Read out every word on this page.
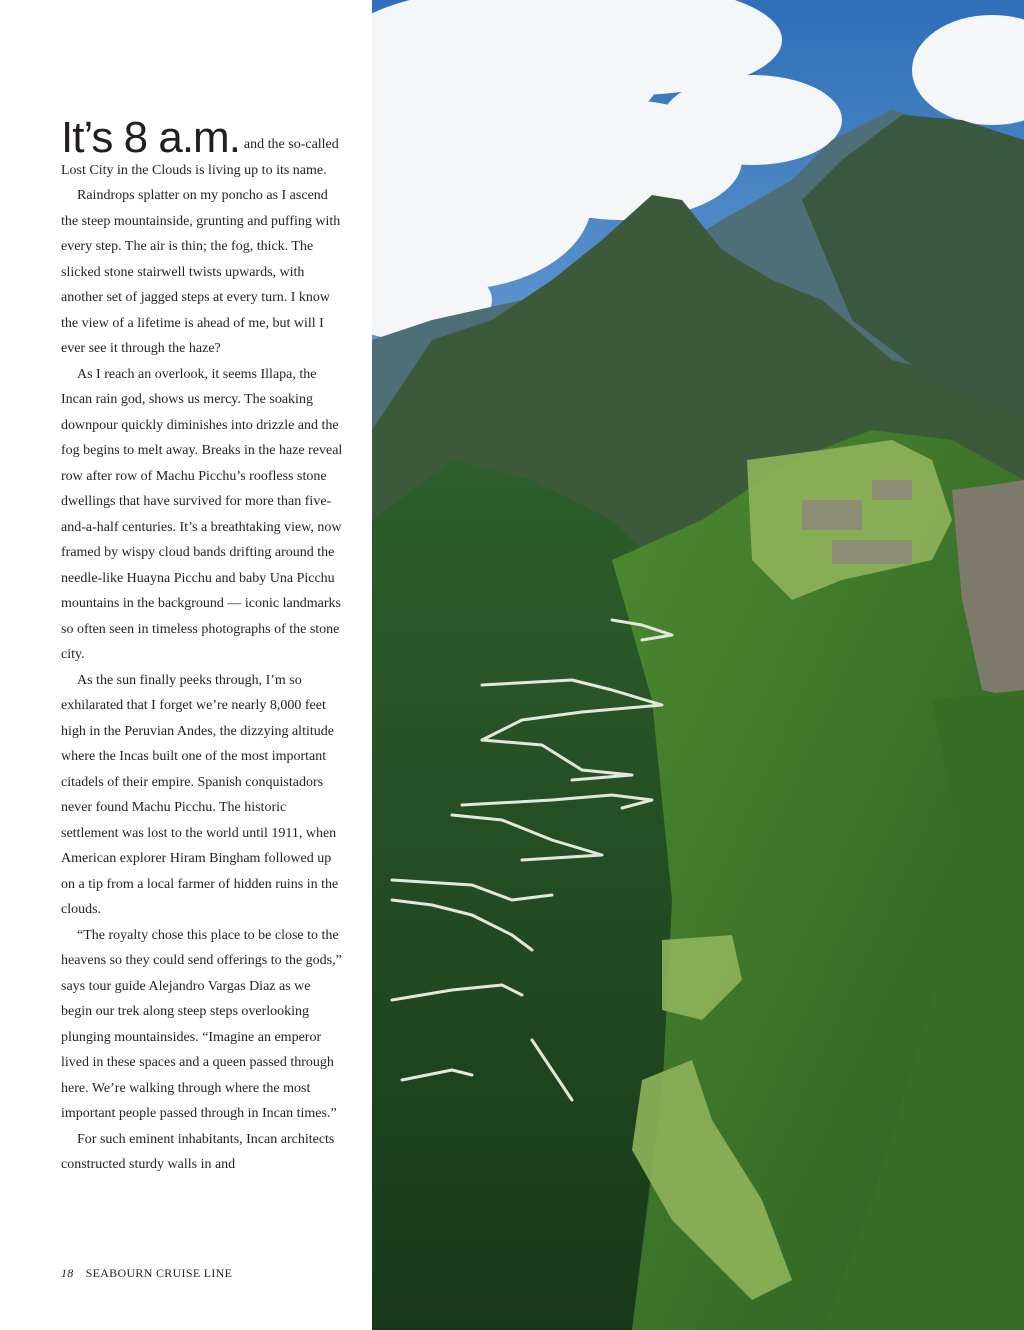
It’s 8 a.m. and the so-called Lost City in the Clouds is living up to its name.

Raindrops splatter on my poncho as I ascend the steep mountainside, grunting and puffing with every step. The air is thin; the fog, thick. The slicked stone stairwell twists upwards, with another set of jagged steps at every turn. I know the view of a lifetime is ahead of me, but will I ever see it through the haze?

As I reach an overlook, it seems Illapa, the Incan rain god, shows us mercy. The soaking downpour quickly diminishes into drizzle and the fog begins to melt away. Breaks in the haze reveal row after row of Machu Picchu’s roofless stone dwellings that have survived for more than five-and-a-half centuries. It’s a breathtaking view, now framed by wispy cloud bands drifting around the needle-like Huayna Picchu and baby Una Picchu mountains in the background — iconic landmarks so often seen in timeless photographs of the stone city.

As the sun finally peeks through, I’m so exhilarated that I forget we’re nearly 8,000 feet high in the Peruvian Andes, the dizzying altitude where the Incas built one of the most important citadels of their empire. Spanish conquistadors never found Machu Picchu. The historic settlement was lost to the world until 1911, when American explorer Hiram Bingham followed up on a tip from a local farmer of hidden ruins in the clouds.

“The royalty chose this place to be close to the heavens so they could send offerings to the gods,” says tour guide Alejandro Vargas Diaz as we begin our trek along steep steps overlooking plunging mountainsides. “Imagine an emperor lived in these spaces and a queen passed through here. We’re walking through where the most important people passed through in Incan times.”

For such eminent inhabitants, Incan architects constructed sturdy walls in and

18 SEABOURN CRUISE LINE
